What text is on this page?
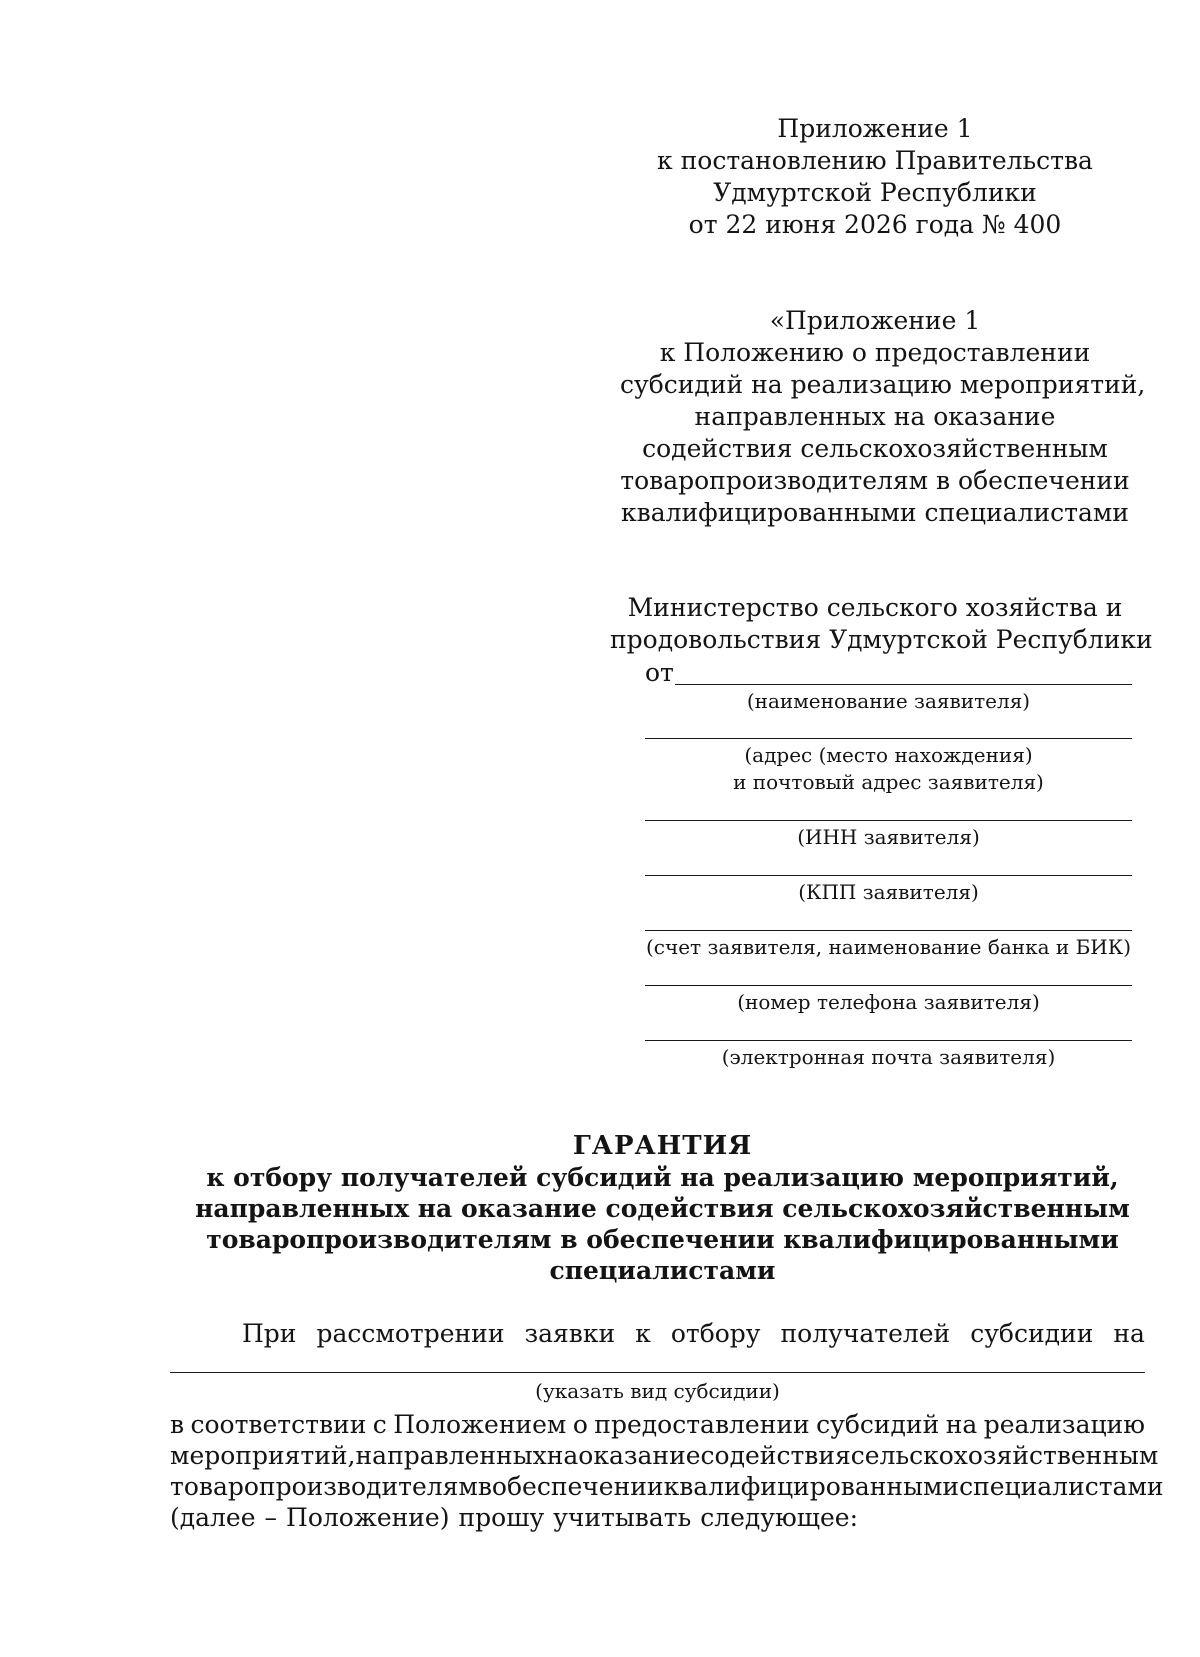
Приложение 1
к постановлению Правительства
Удмуртской Республики
от 22 июня 2026 года № 400
«Приложение 1
к Положению о предоставлении
субсидий на реализацию мероприятий,
направленных на оказание
содействия сельскохозяйственным
товаропроизводителям в обеспечении
квалифицированными специалистами
Министерство сельского хозяйства и
продовольствия Удмуртской Республики
от
(наименование заявителя)
(адрес (место нахождения)
и почтовый адрес заявителя)
(ИНН заявителя)
(КПП заявителя)
(счет заявителя, наименование банка и БИК)
(номер телефона заявителя)
(электронная почта заявителя)
ГАРАНТИЯ
к отбору получателей субсидий на реализацию мероприятий,
направленных на оказание содействия сельскохозяйственным
товаропроизводителям в обеспечении квалифицированными
специалистами
При рассмотрении заявки к отбору получателей субсидии на
(указать вид субсидии)
в соответствии с Положением о предоставлении субсидий на реализацию
мероприятий, направленных на оказание содействия сельскохозяйственным
товаропроизводителям в обеспечении квалифицированными специалистами
(далее – Положение) прошу учитывать следующее:
